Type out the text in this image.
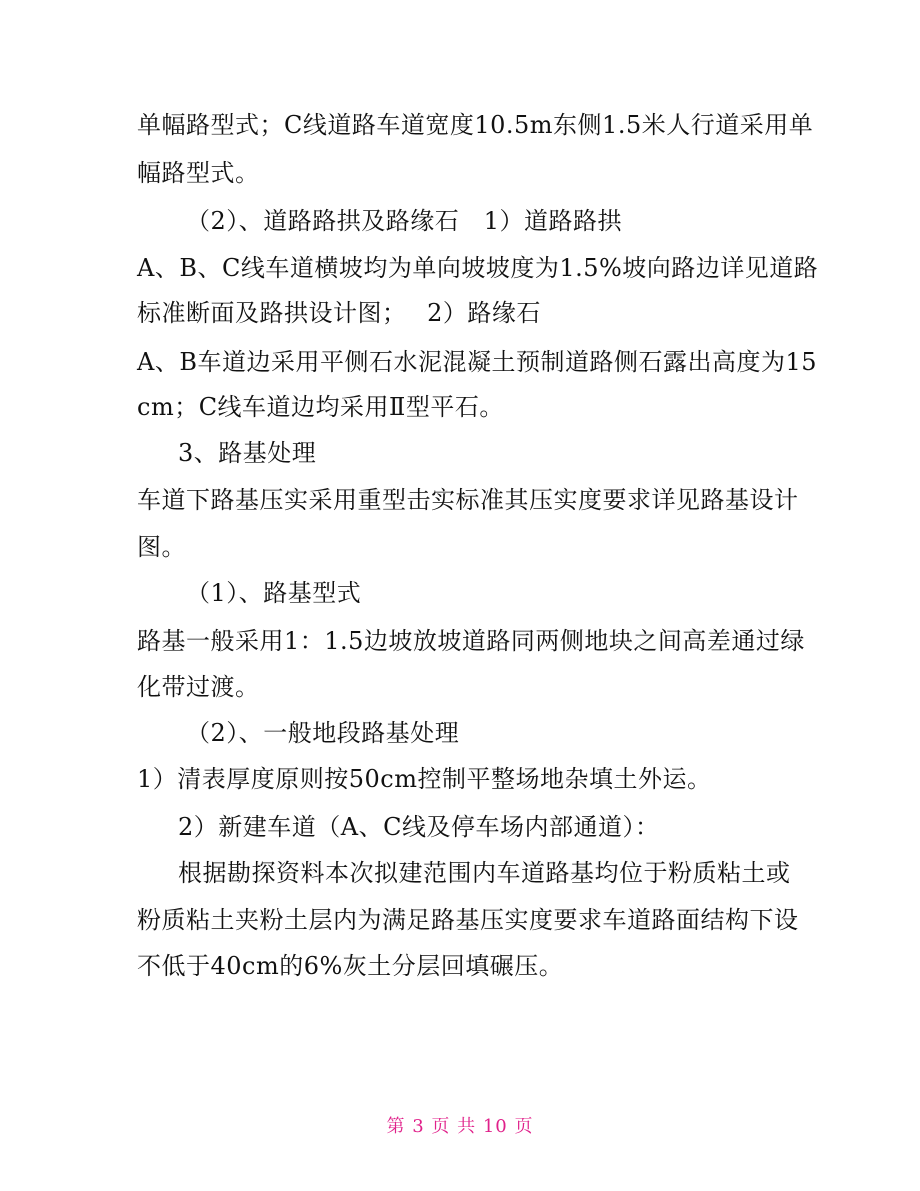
单幅路型式；C线道路车道宽度10.5m东侧1.5米人行道采用单
幅路型式。
（2）、道路路拱及路缘石　1）道路路拱
A、B、C线车道横坡均为单向坡坡度为1.5%坡向路边详见道路
标准断面及路拱设计图；　 2）路缘石
A、B车道边采用平侧石水泥混凝土预制道路侧石露出高度为15
cm；C线车道边均采用Ⅱ型平石。
3、路基处理
车道下路基压实采用重型击实标准其压实度要求详见路基设计
图。
（1）、路基型式
路基一般采用1：1.5边坡放坡道路同两侧地块之间高差通过绿
化带过渡。
（2）、一般地段路基处理
1）清表厚度原则按50cm控制平整场地杂填土外运。
2）新建车道（A、C线及停车场内部通道）：
根据勘探资料本次拟建范围内车道路基均位于粉质粘土或
粉质粘土夹粉土层内为满足路基压实度要求车道路面结构下设
不低于40cm的6%灰土分层回填碾压。
第 3 页 共 10 页
